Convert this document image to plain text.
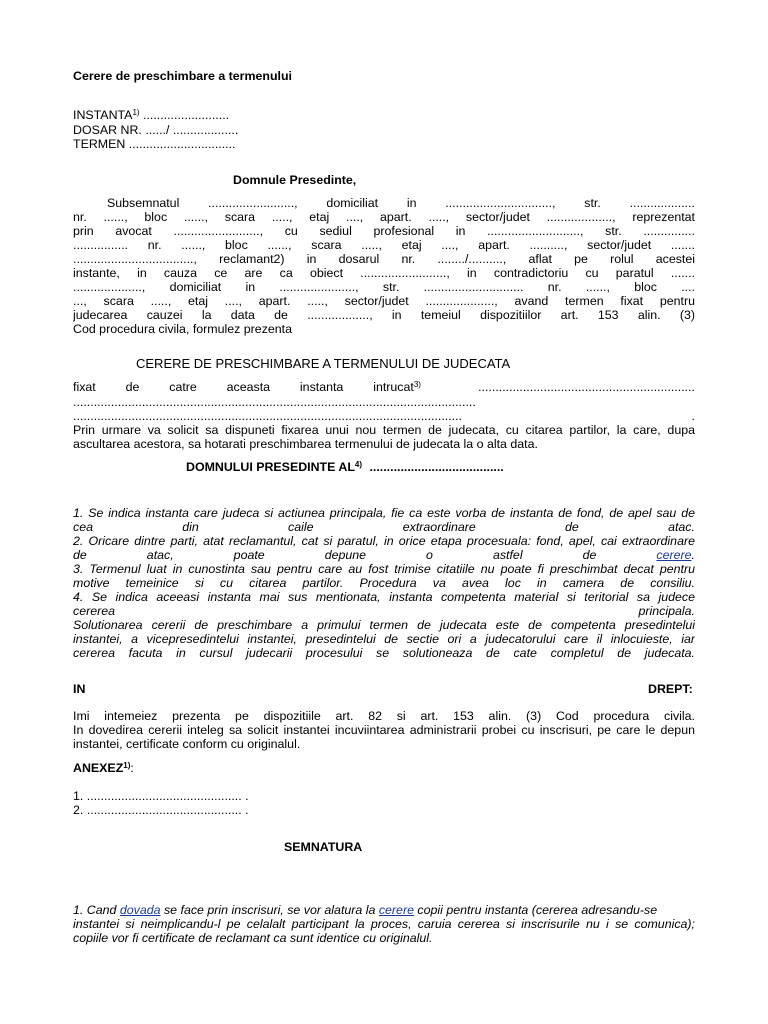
Cerere de preschimbare a termenului
INSTANTA$^{1)}$ .........................
DOSAR NR. ....../ ...................
TERMEN ...............................
Domnule Presedinte,
Subsemnatul ........................., domiciliat in ..............................., str. ...................
nr. ......, bloc ......, scara ....., etaj ...., apart. ....., sector/judet ..................., reprezentat
prin avocat ........................., cu sediul profesional in ..........................., str. ...............
................ nr. ......, bloc ......, scara ....., etaj ...., apart. .........., sector/judet .......
..................................., reclamant2) in dosarul nr. ......../.........., aflat pe rolul acestei
instante, in cauza ce are ca obiect ........................., in contradictoriu cu paratul .......
...................., domiciliat in ......................, str. ............................. nr. ......, bloc ....
..., scara ....., etaj ...., apart. ....., sector/judet ...................., avand termen fixat pentru
judecarea cauzei la data de .................., in temeiul dispozitiilor art. 153 alin. (3)
Cod procedura civila, formulez prezenta
CERERE DE PRESCHIMBARE A TERMENULUI DE JUDECATA
fixat de catre aceasta instanta intrucat$^{3)}$	...............................................................
.....................................................................................................................
.................................................................................................................	.
Prin urmare va solicit sa dispuneti fixarea unui nou termen de judecata, cu citarea partilor, la care, dupa
ascultarea acestora, sa hotarati preschimbarea termenului de judecata la o alta data.
DOMNULUI PRESEDINTE AL$^{4)}$ .......................................
1. Se indica instanta care judeca si actiunea principala, fie ca este vorba de instanta de fond, de apel sau de
cea	din	caile	extraordinare	de	atac.
2. Oricare dintre parti, atat reclamantul, cat si paratul, in orice etapa procesuala: fond, apel, cai extraordinare
de	atac,	poate	depune	o	astfel	de	cerere.
3. Termenul luat in cunostinta sau pentru care au fost trimise citatiile nu poate fi preschimbat decat pentru
motive temeinice si cu citarea partilor. Procedura va avea loc in camera de consiliu.
4. Se indica aceeasi instanta mai sus mentionata, instanta competenta material si teritorial sa judece
cererea principala.
Solutionarea cererii de preschimbare a primului termen de judecata este de competenta presedintelui
instantei, a vicepresedintelui instantei, presedintelui de sectie ori a judecatorului care il inlocuieste, iar
cererea facuta in cursul judecarii procesului se solutioneaza de cate completul de judecata.
IN	DREPT:
Imi intemeiez prezenta pe dispozitiile art. 82 si art. 153 alin. (3) Cod procedura civila.
In dovedirea cererii inteleg sa solicit instantei incuviintarea administrarii probei cu inscrisuri, pe care le depun
instantei, certificate conform cu originalul.
ANEXEZ$^{1)}$:
1. ............................................. .
2. ............................................. .
SEMNATURA
1. Cand dovada se face prin inscrisuri, se vor alatura la cerere copii pentru instanta (cererea adresandu-se
instantei si neimplicandu-l pe celalalt participant la proces, caruia cererea si inscrisurile nu i se comunica);
copiile vor fi certificate de reclamant ca sunt identice cu originalul.
